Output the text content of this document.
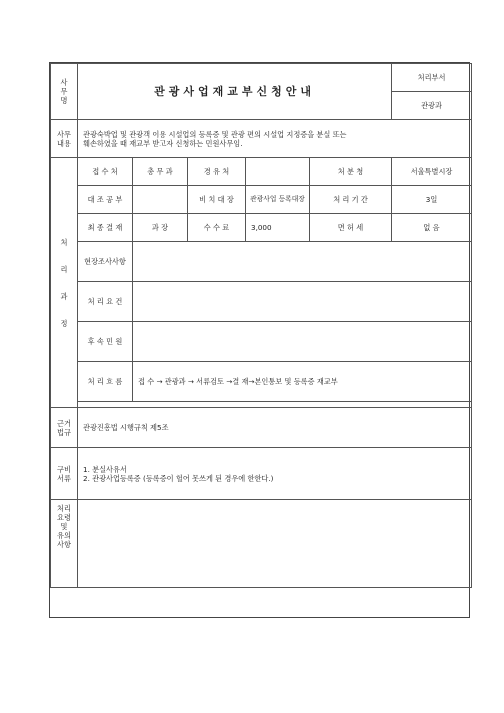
사
무
명	관광사업재교부신청안내					처리부서
						관광과

사무
내용	관광숙박업 및 관광객 이용 시설업의 등록증 및 관광 편의 시설업 지정증을 분실 또는
훼손하였을 때 재교부 받고자 신청하는 민원사무임.					

처

리

과

정	접 수 처	총 무 과	경 유 처		처 분 청	서울특별시장
	대 조 공 부		비 치 대 장	관광사업 등록대장	처 리 기 간	3일
	최 종 결 재	과 장	수 수 료	3,000	면 허 세	없 음
	현장조사사항					
	처 리 요 건					
	후 속 민 원					
	처 리 흐 름	접 수 → 관광과 → 서류검토 →결 재→본인통보 및 등록증 재교부				

근거
법규	관광진흥법 시행규칙 제5조					

구비
서류	1. 분실사유서
2. 관광사업등록증 (등록증이 헐어 못쓰게 된 경우에 한한다.)					

처리
요령
및
유의
사항						
